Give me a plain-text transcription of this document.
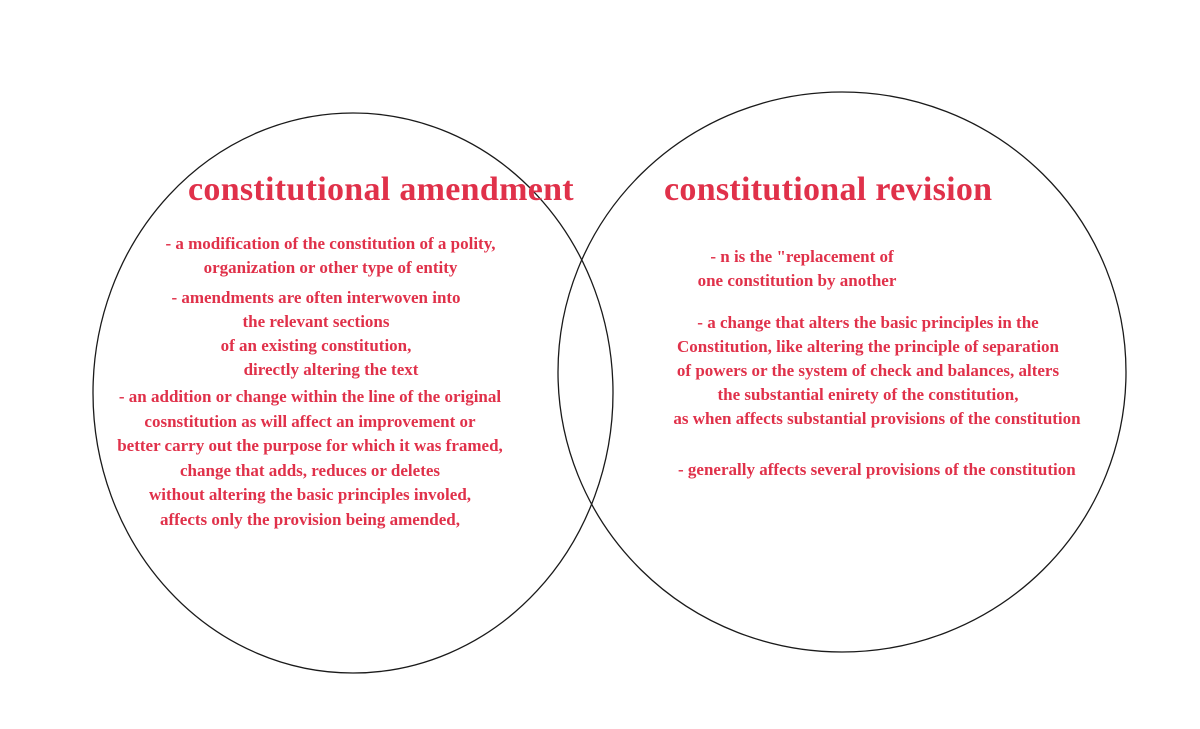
constitutional amendment
- a modification of the constitution of a polity,
organization or other type of entity
- amendments are often interwoven into
the relevant sections
of an existing constitution,
directly altering the text
- an addition or change within the line of the original
cosnstitution as will affect an improvement or
better carry out the purpose for which it was framed,
change that adds, reduces or deletes
without altering the basic principles involed,
affects only the provision being amended,
constitutional revision
- n is the "replacement of
one constitution by another
- a change that alters the basic principles in the
Constitution, like altering the principle of separation
of powers or the system of check and balances, alters
the substantial enirety of the constitution,
as when affects substantial provisions of the constitution
- generally affects several provisions of the constitution
